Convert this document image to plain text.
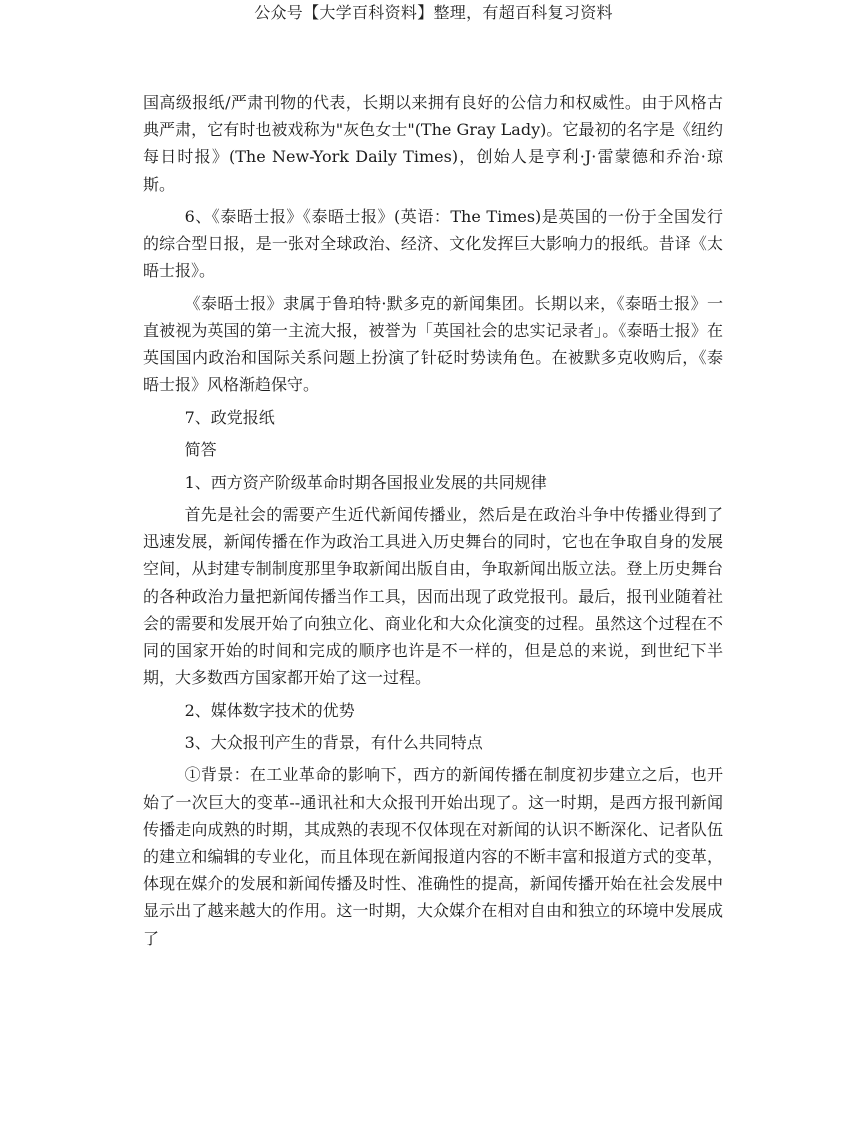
公众号【大学百科资料】整理，有超百科复习资料

国高级报纸/严肃刊物的代表，长期以来拥有良好的公信力和权威性。由于风格古典严肃，它有时也被戏称为"灰色女士"(The Gray Lady)。它最初的名字是《纽约每日时报》(The New-York Daily Times)，创始人是亨利·J·雷蒙德和乔治·琼斯。

6、《泰晤士报》《泰晤士报》(英语：The Times)是英国的一份于全国发行的综合型日报，是一张对全球政治、经济、文化发挥巨大影响力的报纸。昔译《太晤士报》。

《泰晤士报》隶属于鲁珀特·默多克的新闻集团。长期以来，《泰晤士报》一直被视为英国的第一主流大报，被誉为「英国社会的忠实记录者」。《泰晤士报》在英国国内政治和国际关系问题上扮演了针砭时势读角色。在被默多克收购后，《泰晤士报》风格渐趋保守。

7、政党报纸

简答

1、西方资产阶级革命时期各国报业发展的共同规律

首先是社会的需要产生近代新闻传播业，然后是在政治斗争中传播业得到了迅速发展，新闻传播在作为政治工具进入历史舞台的同时，它也在争取自身的发展空间，从封建专制制度那里争取新闻出版自由，争取新闻出版立法。登上历史舞台的各种政治力量把新闻传播当作工具，因而出现了政党报刊。最后，报刊业随着社会的需要和发展开始了向独立化、商业化和大众化演变的过程。虽然这个过程在不同的国家开始的时间和完成的顺序也许是不一样的，但是总的来说，到世纪下半期，大多数西方国家都开始了这一过程。

2、媒体数字技术的优势

3、大众报刊产生的背景，有什么共同特点

①背景：在工业革命的影响下，西方的新闻传播在制度初步建立之后，也开始了一次巨大的变革--通讯社和大众报刊开始出现了。这一时期，是西方报刊新闻传播走向成熟的时期，其成熟的表现不仅体现在对新闻的认识不断深化、记者队伍的建立和编辑的专业化，而且体现在新闻报道内容的不断丰富和报道方式的变革，体现在媒介的发展和新闻传播及时性、准确性的提高，新闻传播开始在社会发展中显示出了越来越大的作用。这一时期，大众媒介在相对自由和独立的环境中发展成了
